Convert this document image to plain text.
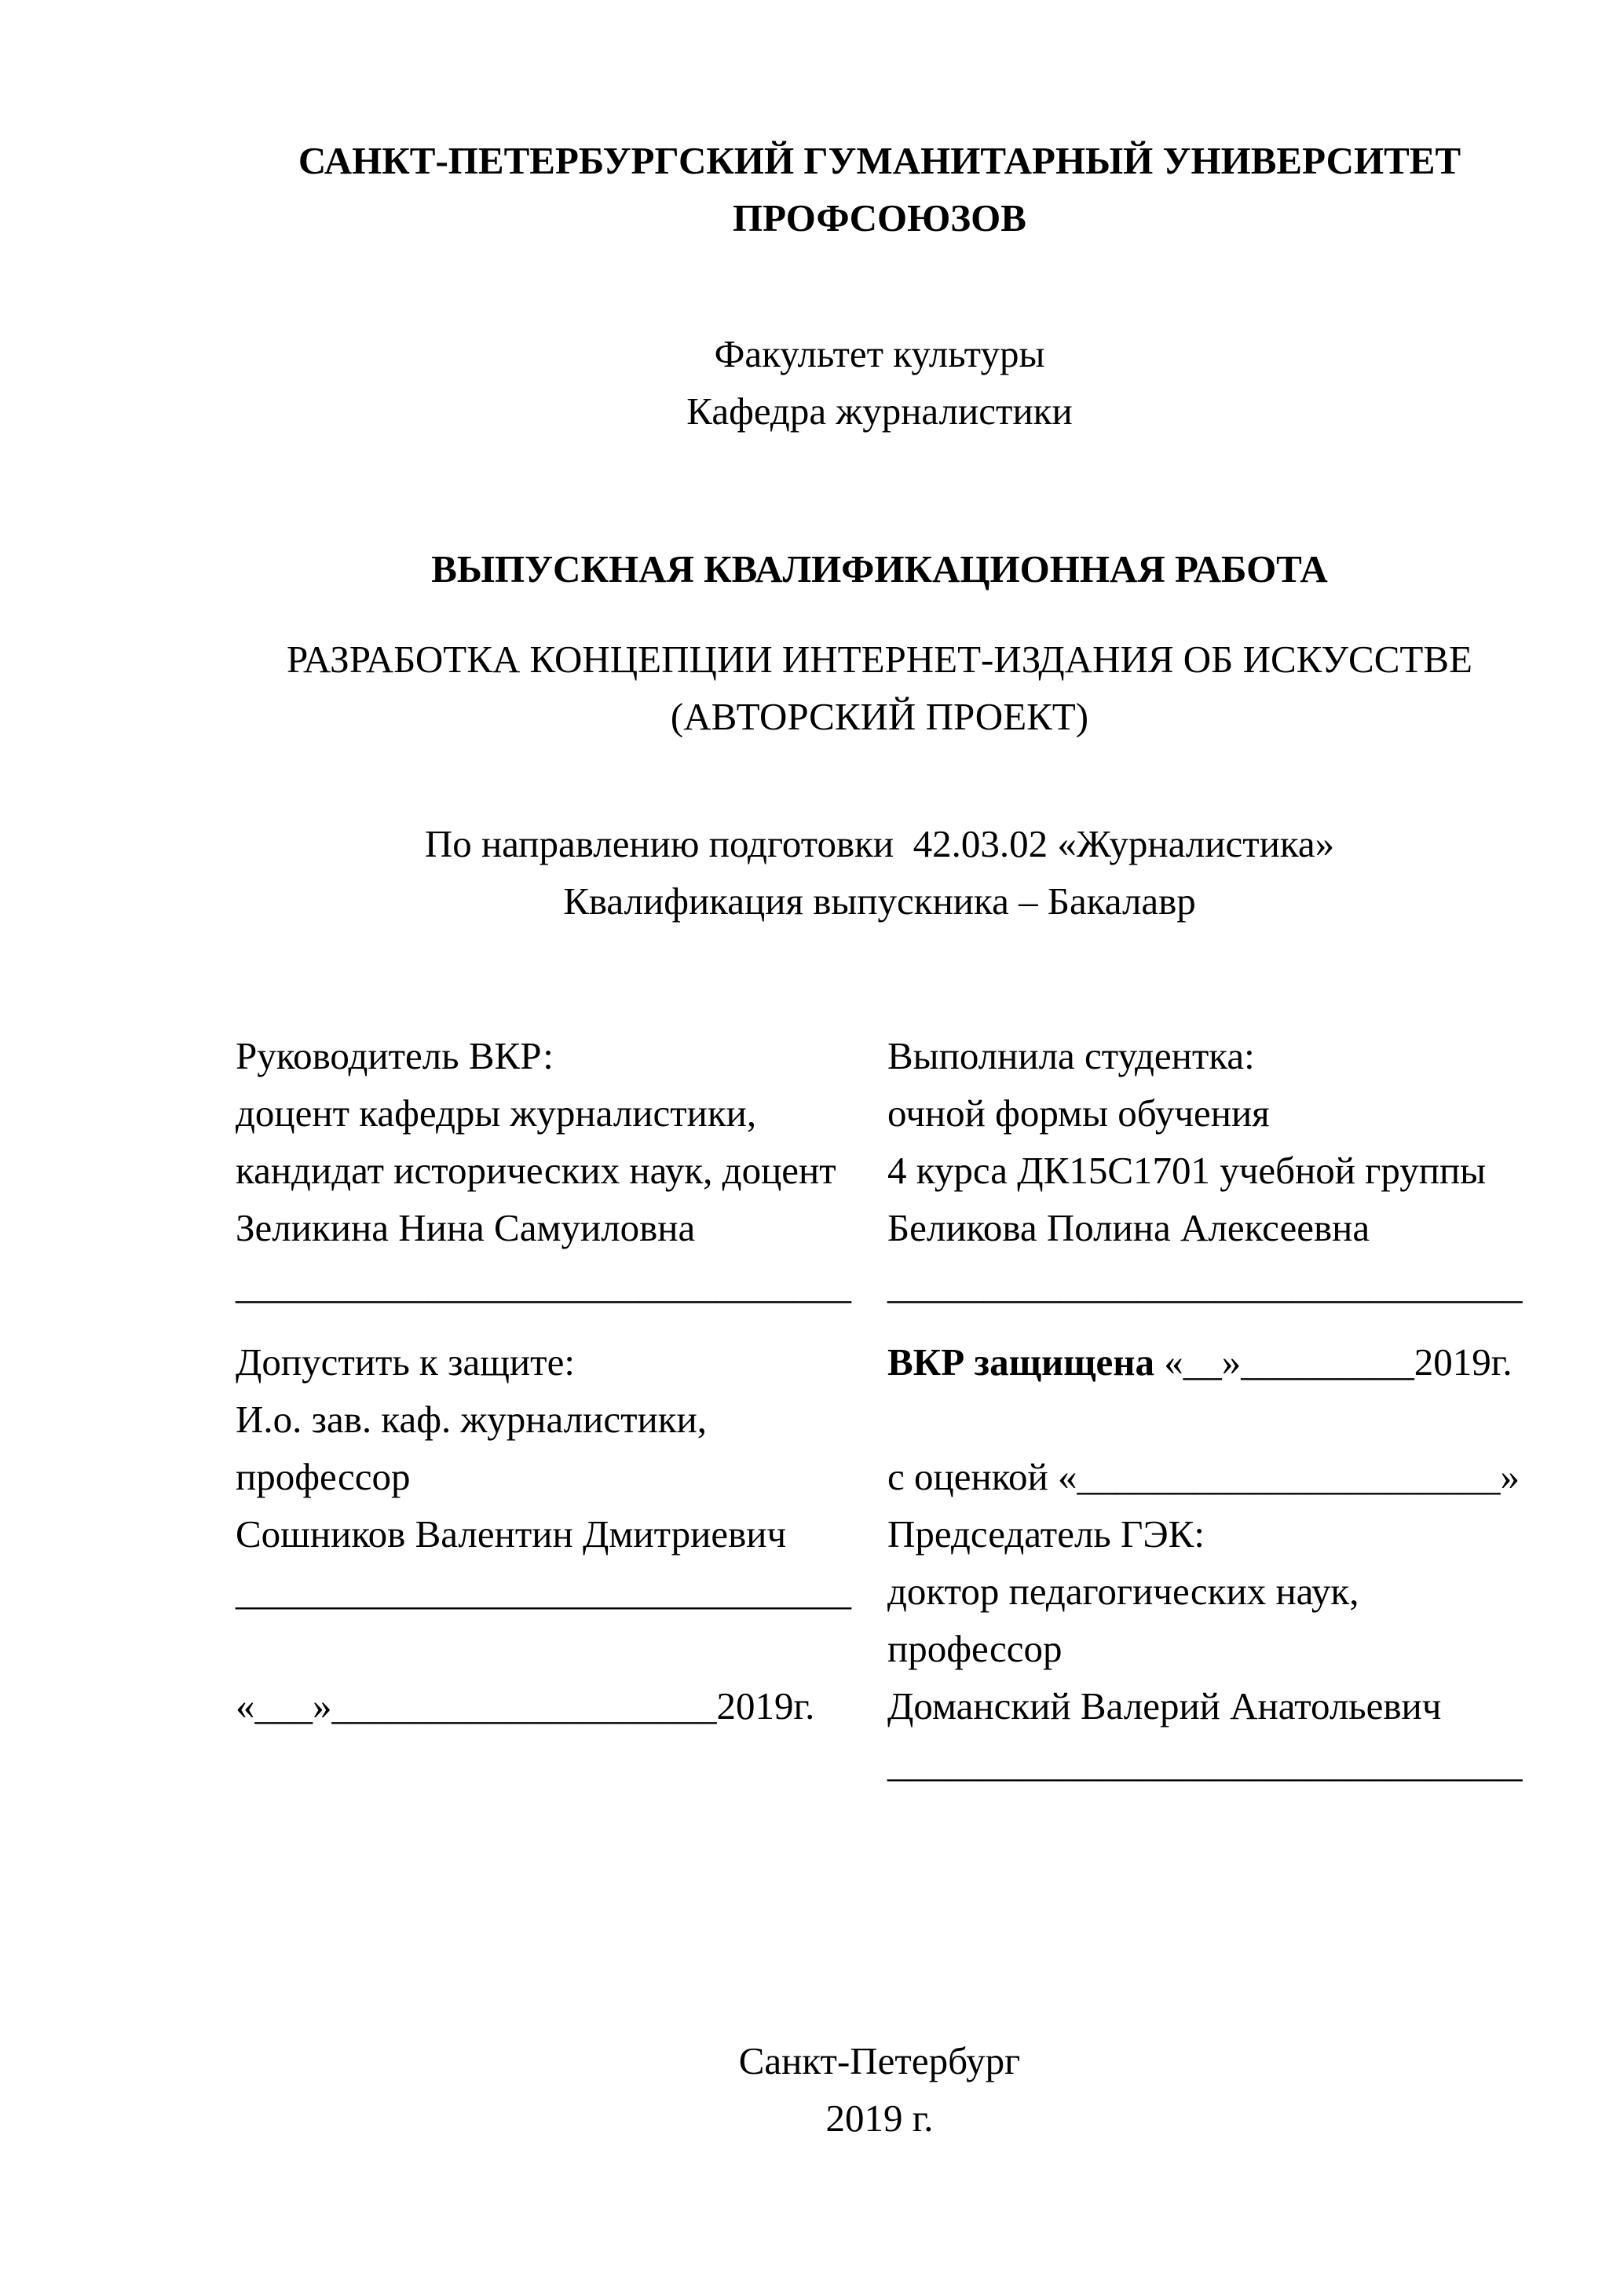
САНКТ-ПЕТЕРБУРГСКИЙ ГУМАНИТАРНЫЙ УНИВЕРСИТЕТ
ПРОФСОЮЗОВ
Факультет культуры
Кафедра журналистики
ВЫПУСКНАЯ КВАЛИФИКАЦИОННАЯ РАБОТА
РАЗРАБОТКА КОНЦЕПЦИИ ИНТЕРНЕТ-ИЗДАНИЯ ОБ ИСКУССТВЕ
(АВТОРСКИЙ ПРОЕКТ)
По направлению подготовки  42.03.02 «Журналистика»
Квалификация выпускника – Бакалавр
Руководитель ВКР:
доцент кафедры журналистики,
кандидат исторических наук, доцент
Зеликина Нина Самуиловна
________________________________
Выполнила студентка:
очной формы обучения
4 курса ДК15С1701 учебной группы
Беликова Полина Алексеевна
_________________________________
Допустить к защите:
И.о. зав. каф. журналистики,
профессор
Сошников Валентин Дмитриевич
________________________________
«___»____________________2019г.
ВКР защищена «__»_________2019г.
с оценкой «______________________»
Председатель ГЭК:
доктор педагогических наук,
профессор
Доманский Валерий Анатольевич
_________________________________
Санкт-Петербург
2019 г.
